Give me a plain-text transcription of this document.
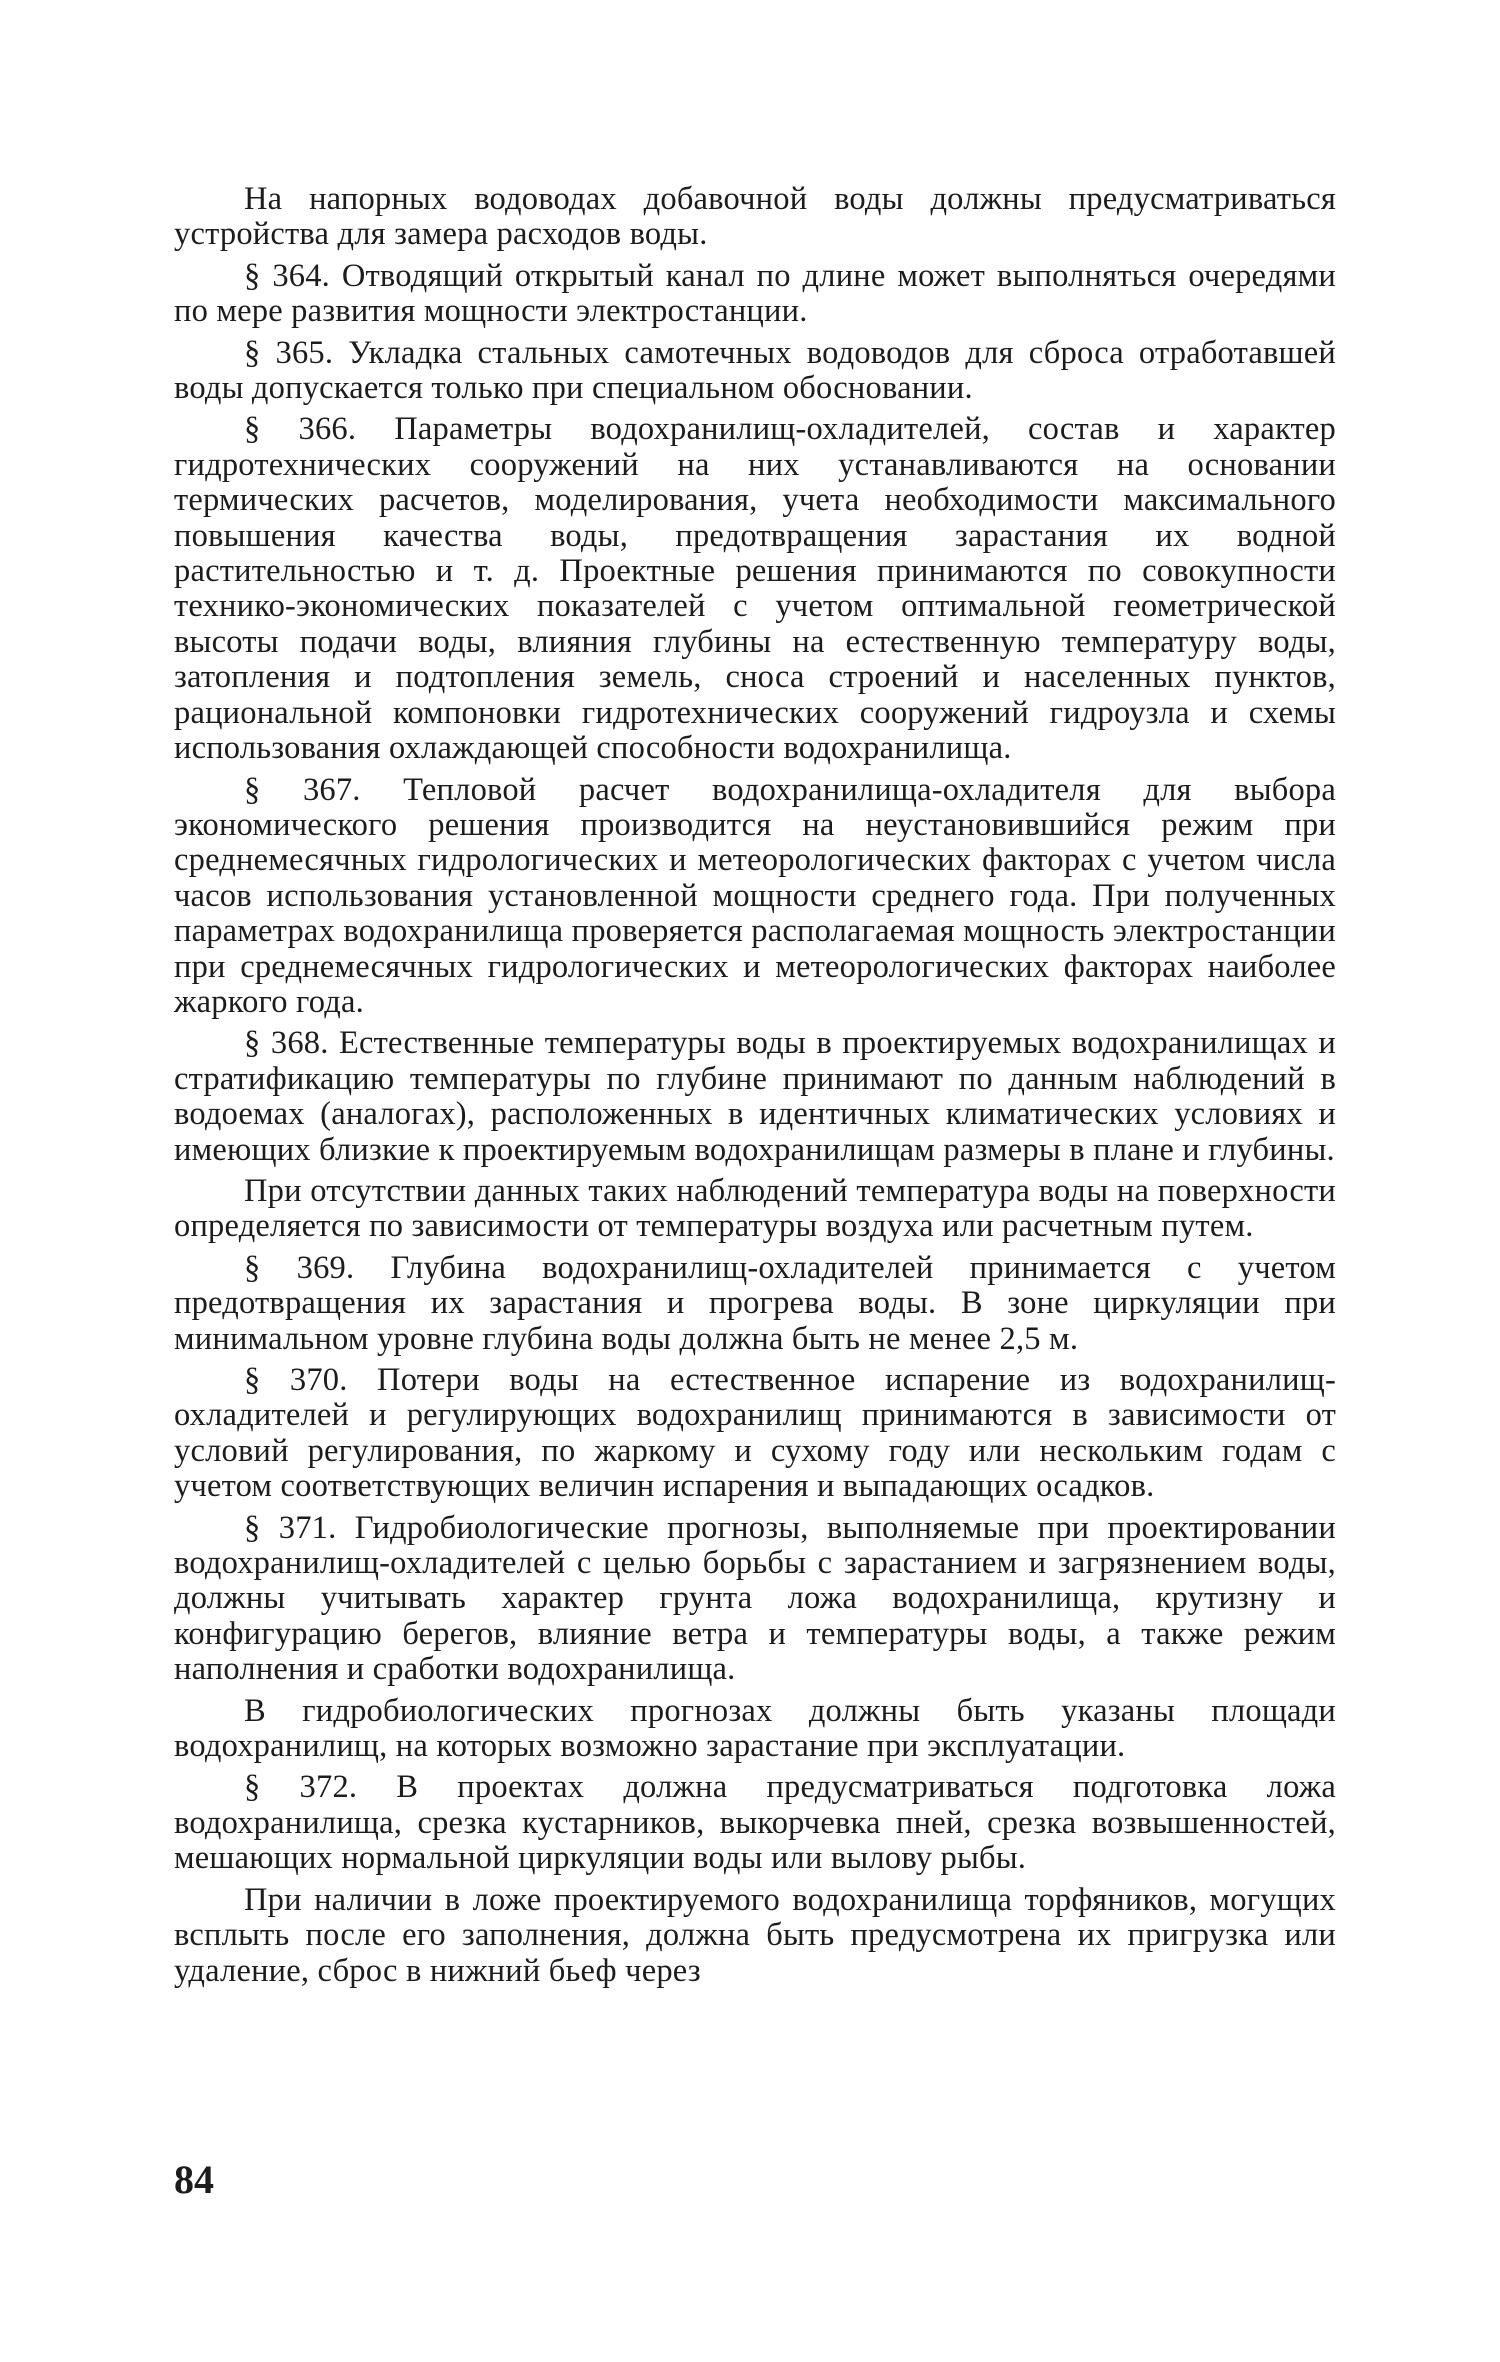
На напорных водоводах добавочной воды должны предусматриваться устройства для замера расходов воды.

§ 364. Отводящий открытый канал по длине может выполняться очередями по мере развития мощности электростанции.

§ 365. Укладка стальных самотечных водоводов для сброса отработавшей воды допускается только при специальном обосновании.

§ 366. Параметры водохранилищ-охладителей, состав и характер гидротехнических сооружений на них устанавливаются на основании термических расчетов, моделирования, учета необходимости максимального повышения качества воды, предотвращения зарастания их водной растительностью и т. д. Проектные решения принимаются по совокупности технико-экономических показателей с учетом оптимальной геометрической высоты подачи воды, влияния глубины на естественную температуру воды, затопления и подтопления земель, сноса строений и населенных пунктов, рациональной компоновки гидротехнических сооружений гидроузла и схемы использования охлаждающей способности водохранилища.

§ 367. Тепловой расчет водохранилища-охладителя для выбора экономического решения производится на неустановившийся режим при среднемесячных гидрологических и метеорологических факторах с учетом числа часов использования установленной мощности среднего года. При полученных параметрах водохранилища проверяется располагаемая мощность электростанции при среднемесячных гидрологических и метеорологических факторах наиболее жаркого года.

§ 368. Естественные температуры воды в проектируемых водохранилищах и стратификацию температуры по глубине принимают по данным наблюдений в водоемах (аналогах), расположенных в идентичных климатических условиях и имеющих близкие к проектируемым водохранилищам размеры в плане и глубины.

При отсутствии данных таких наблюдений температура воды на поверхности определяется по зависимости от температуры воздуха или расчетным путем.

§ 369. Глубина водохранилищ-охладителей принимается с учетом предотвращения их зарастания и прогрева воды. В зоне циркуляции при минимальном уровне глубина воды должна быть не менее 2,5 м.

§ 370. Потери воды на естественное испарение из водохранилищ-охладителей и регулирующих водохранилищ принимаются в зависимости от условий регулирования, по жаркому и сухому году или нескольким годам с учетом соответствующих величин испарения и выпадающих осадков.

§ 371. Гидробиологические прогнозы, выполняемые при проектировании водохранилищ-охладителей с целью борьбы с зарастанием и загрязнением воды, должны учитывать характер грунта ложа водохранилища, крутизну и конфигурацию берегов, влияние ветра и температуры воды, а также режим наполнения и сработки водохранилища.

В гидробиологических прогнозах должны быть указаны площади водохранилищ, на которых возможно зарастание при эксплуатации.

§ 372. В проектах должна предусматриваться подготовка ложа водохранилища, срезка кустарников, выкорчевка пней, срезка возвышенностей, мешающих нормальной циркуляции воды или вылову рыбы.

При наличии в ложе проектируемого водохранилища торфяников, могущих всплыть после его заполнения, должна быть предусмотрена их пригрузка или удаление, сброс в нижний бьеф через

84
